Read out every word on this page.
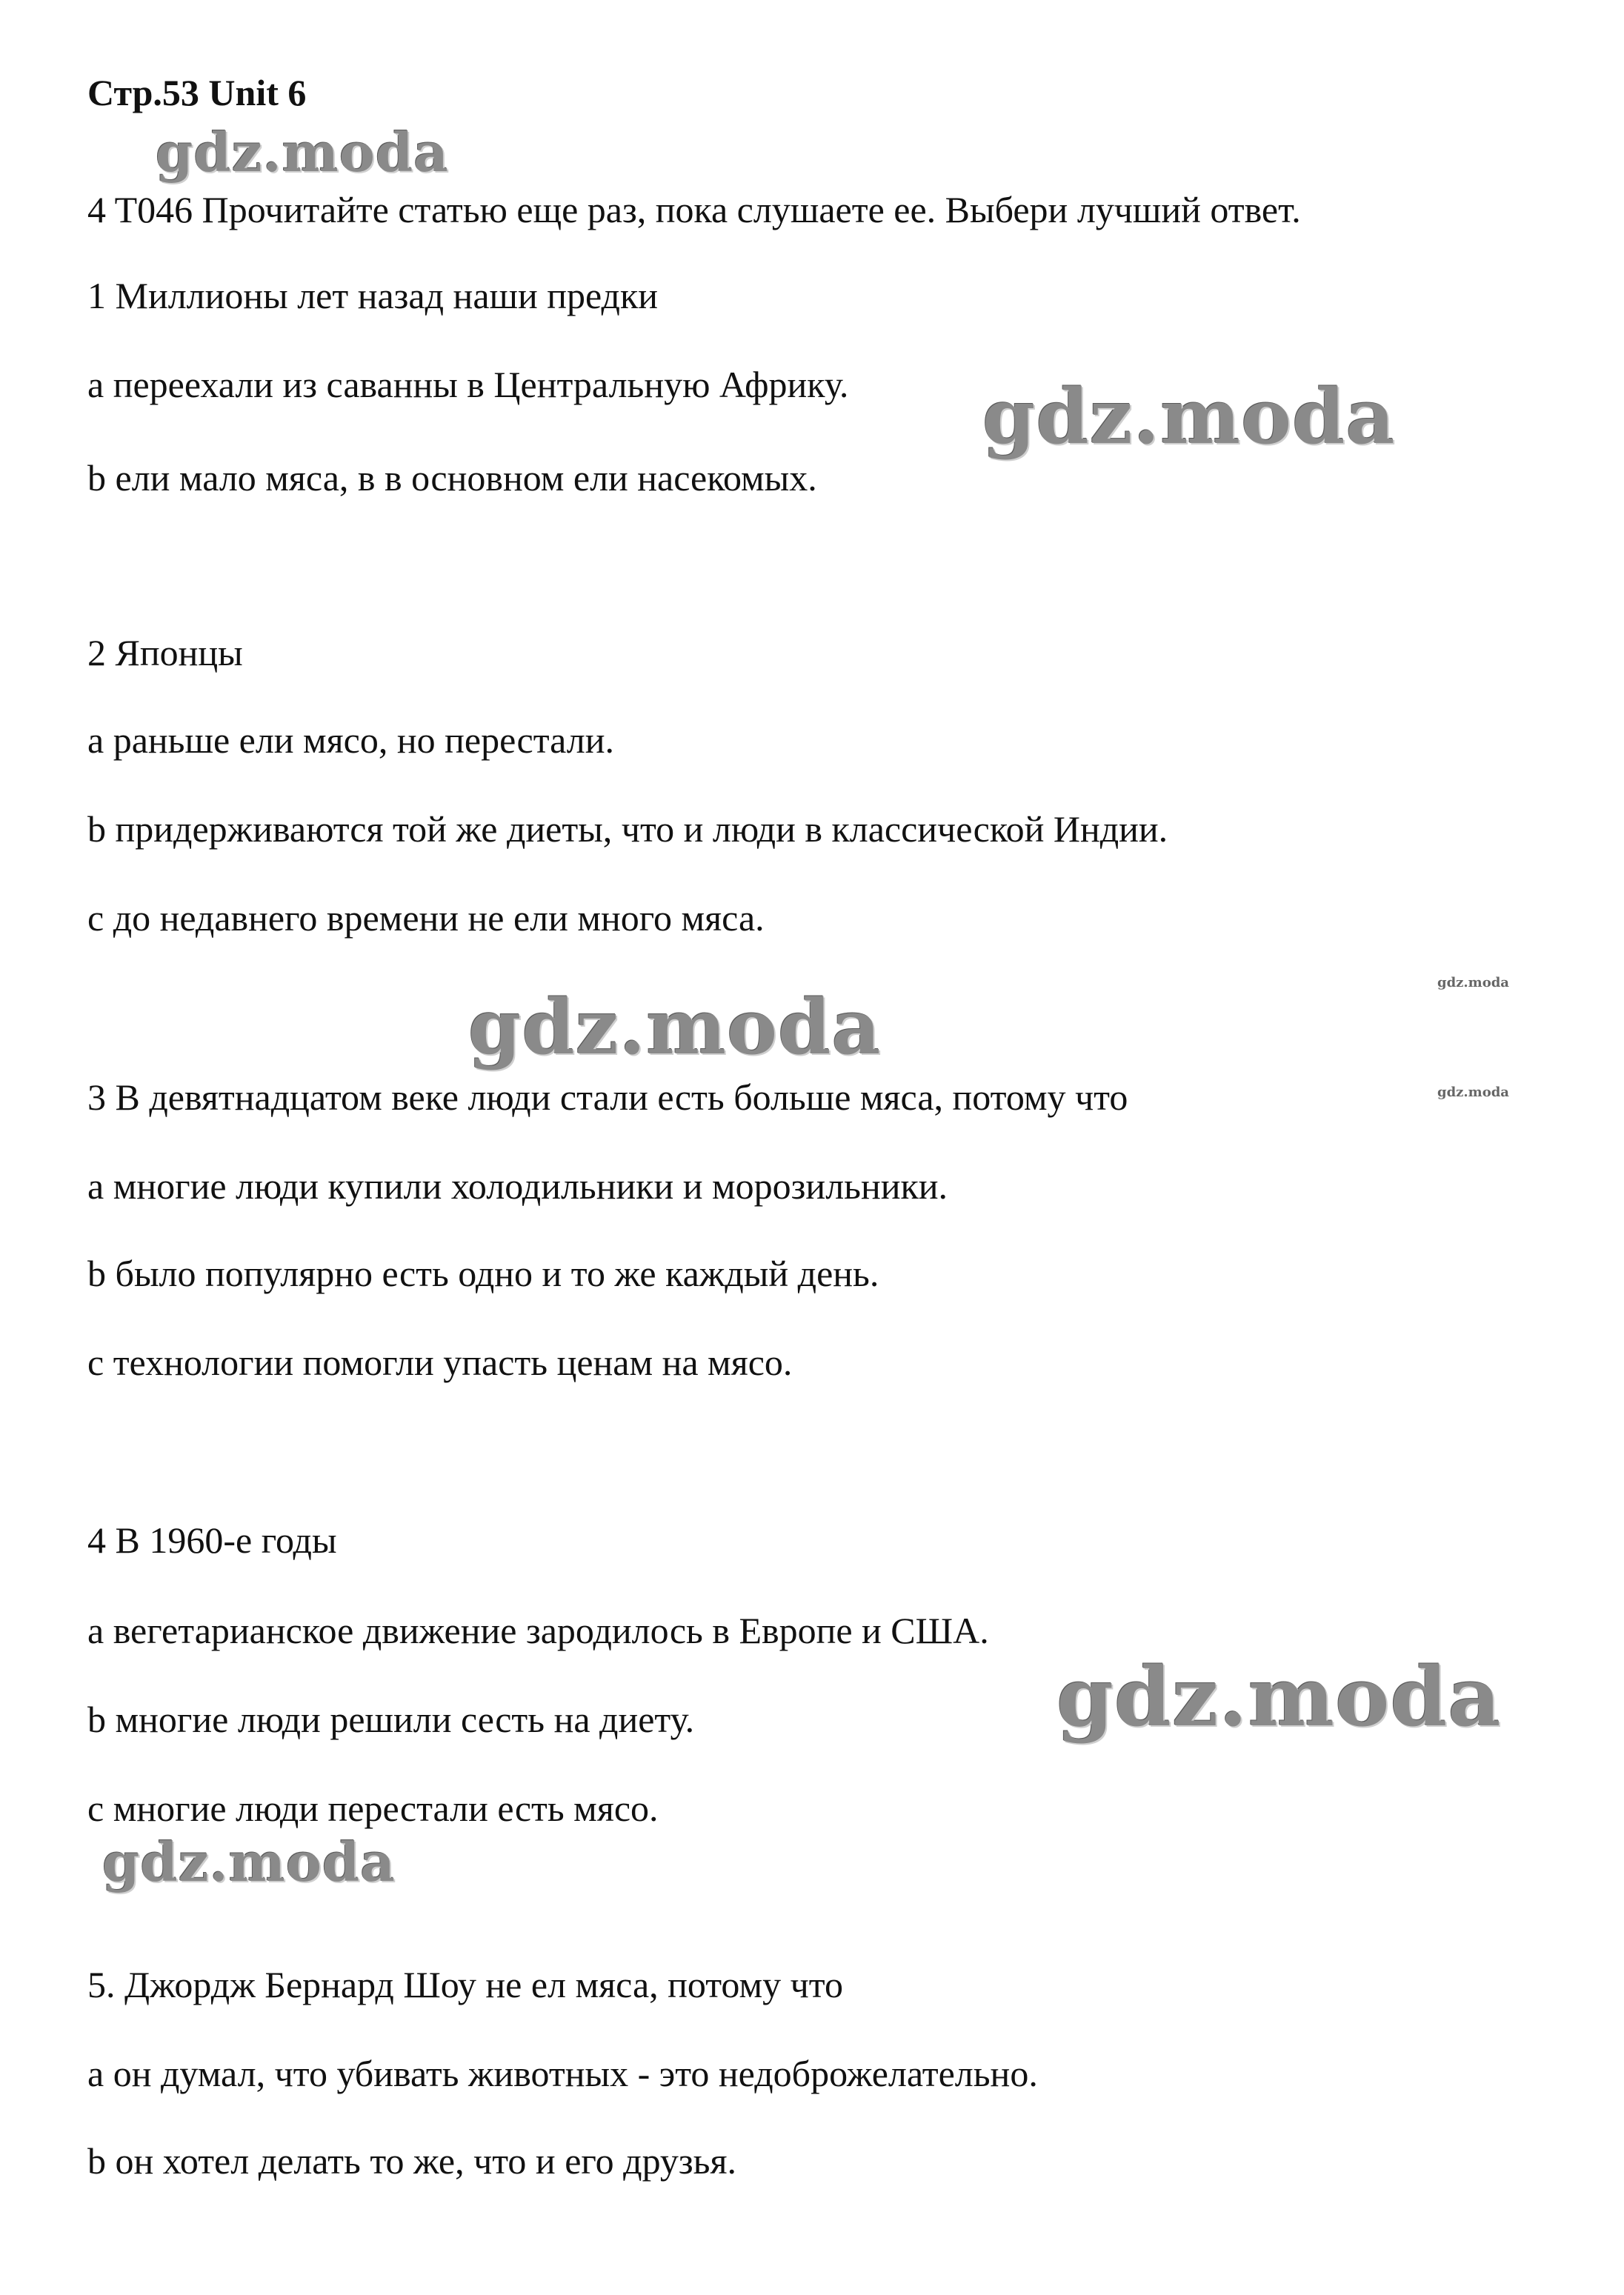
Стр.53 Unit 6
4 T046 Прочитайте статью еще раз, пока слушаете ее. Выбери лучший ответ.
1 Миллионы лет назад наши предки
a переехали из саванны в Центральную Африку.
b ели мало мяса, в в основном ели насекомых.
2 Японцы
a раньше ели мясо, но перестали.
b придерживаются той же диеты, что и люди в классической Индии.
c до недавнего времени не ели много мяса.
3 В девятнадцатом веке люди стали есть больше мяса, потому что
a многие люди купили холодильники и морозильники.
b было популярно есть одно и то же каждый день.
c технологии помогли упасть ценам на мясо.
4 В 1960-е годы
a вегетарианское движение зародилось в Европе и США.
b многие люди решили сесть на диету.
c многие люди перестали есть мясо.
5. Джордж Бернард Шоу не ел мяса, потому что
a он думал, что убивать животных - это недоброжелательно.
b он хотел делать то же, что и его друзья.
gdz.moda
gdz.moda
gdz.moda
gdz.moda
gdz.moda
gdz.moda
gdz.moda
